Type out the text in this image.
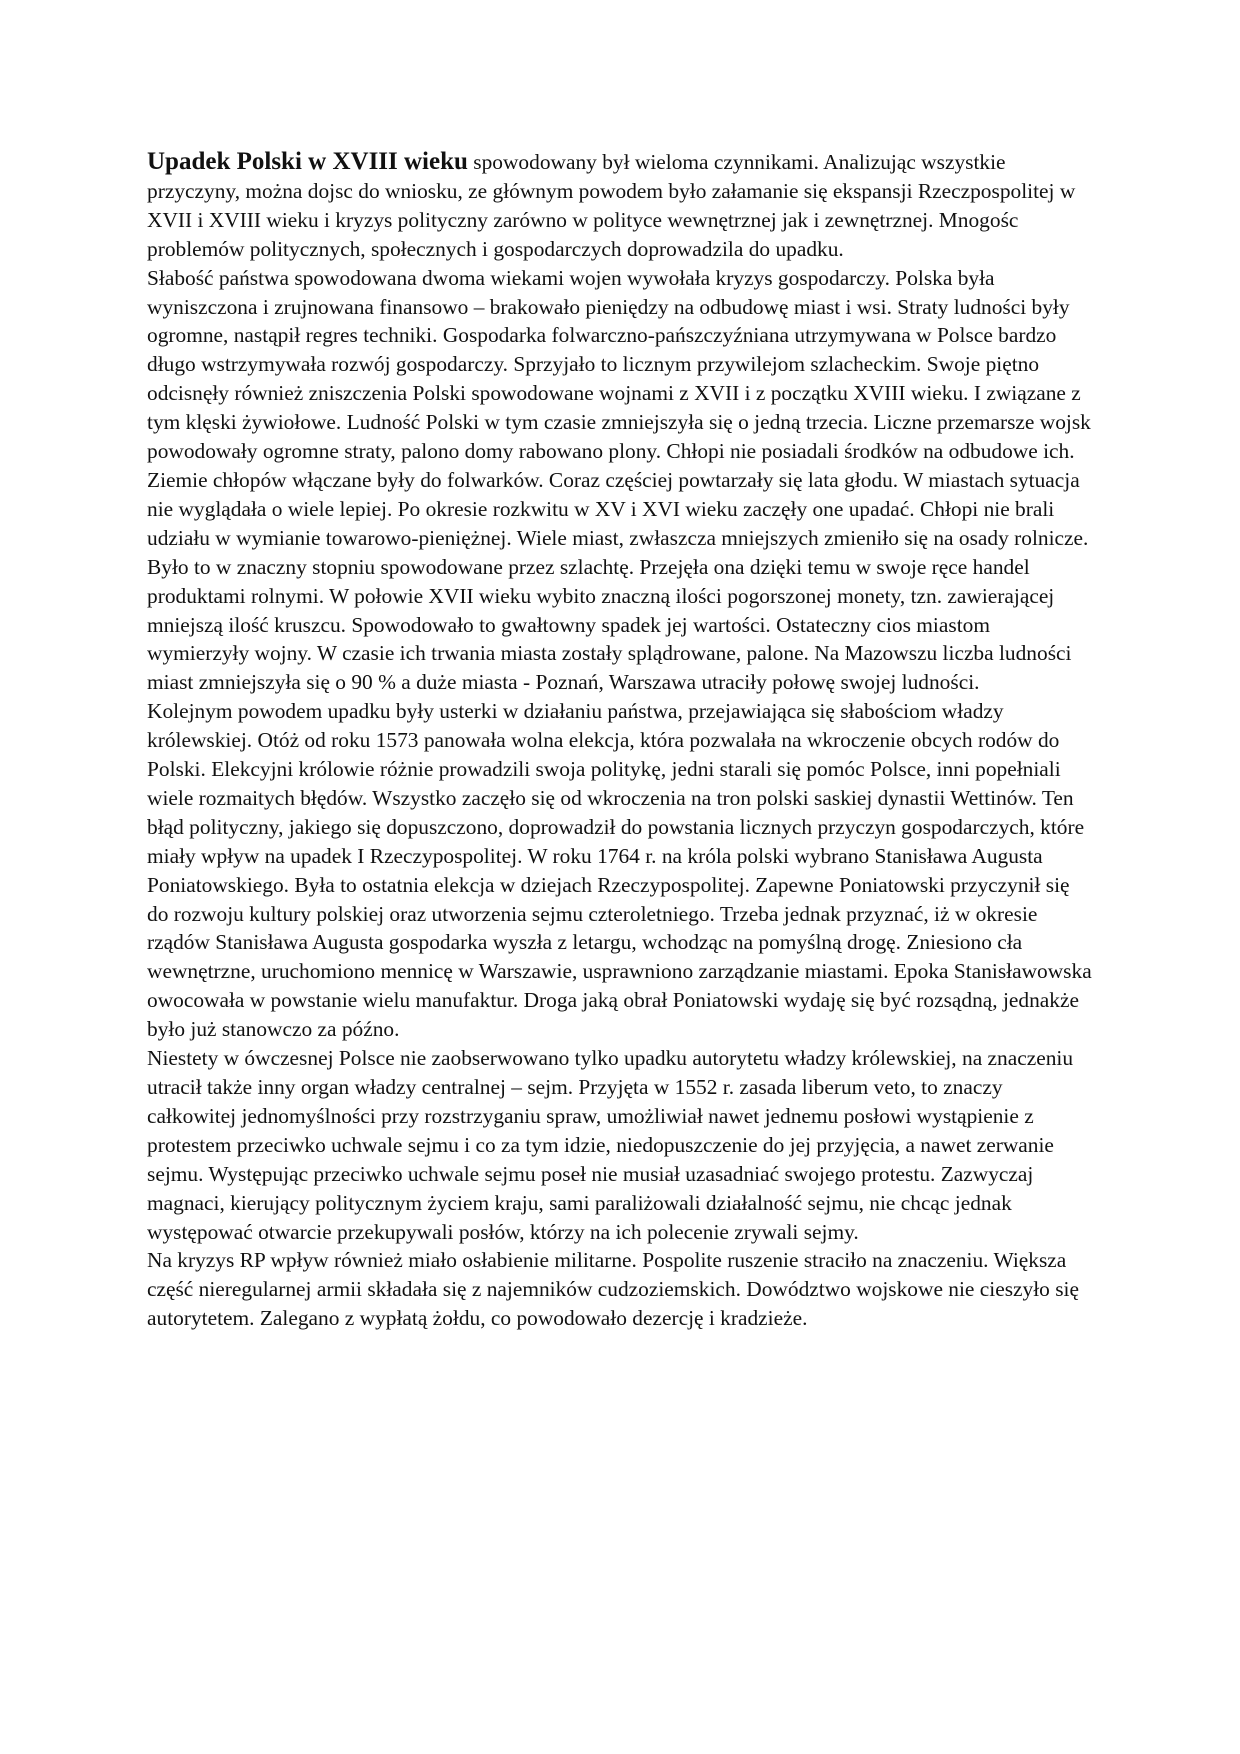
Upadek Polski w XVIII wieku spowodowany był wieloma czynnikami. Analizując wszystkie przyczyny, można dojsc do wniosku, ze głównym powodem było załamanie się ekspansji Rzeczpospolitej w XVII i XVIII wieku i kryzys polityczny zarówno w polityce wewnętrznej jak i zewnętrznej. Mnogośc problemów politycznych, społecznych i gospodarczych doprowadzila do upadku.

Słabość państwa spowodowana dwoma wiekami wojen wywołała kryzys gospodarczy. Polska była wyniszczona i zrujnowana finansowo – brakowało pieniędzy na odbudowę miast i wsi. Straty ludności były ogromne, nastąpił regres techniki. Gospodarka folwarczno-pańszczyźniana utrzymywana w Polsce bardzo długo wstrzymywała rozwój gospodarczy. Sprzyjało to licznym przywilejom szlacheckim. Swoje piętno odcisnęły również zniszczenia Polski spowodowane wojnami z XVII i z początku XVIII wieku. I związane z tym klęski żywiołowe. Ludność Polski w tym czasie zmniejszyła się o jedną trzecia. Liczne przemarsze wojsk powodowały ogromne straty, palono domy rabowano plony. Chłopi nie posiadali środków na odbudowe ich. Ziemie chłopów włączane były do folwarków. Coraz częściej powtarzały się lata głodu. W miastach sytuacja nie wyglądała o wiele lepiej. Po okresie rozkwitu w XV i XVI wieku zaczęły one upadać. Chłopi nie brali udziału w wymianie towarowo-pieniężnej. Wiele miast, zwłaszcza mniejszych zmieniło się na osady rolnicze. Było to w znaczny stopniu spowodowane przez szlachtę. Przejęła ona dzięki temu w swoje ręce handel produktami rolnymi. W połowie XVII wieku wybito znaczną ilości pogorszonej monety, tzn. zawierającej mniejszą ilość kruszcu. Spowodowało to gwałtowny spadek jej wartości. Ostateczny cios miastom wymierzyły wojny. W czasie ich trwania miasta zostały splądrowane, palone. Na Mazowszu liczba ludności miast zmniejszyła się o 90 % a duże miasta - Poznań, Warszawa utraciły połowę swojej ludności.

Kolejnym powodem upadku były usterki w działaniu państwa, przejawiająca się słabościom władzy królewskiej. Otóż od roku 1573 panowała wolna elekcja, która pozwalała na wkroczenie obcych rodów do Polski. Elekcyjni królowie różnie prowadzili swoja politykę, jedni starali się pomóc Polsce, inni popełniali wiele rozmaitych błędów. Wszystko zaczęło się od wkroczenia na tron polski saskiej dynastii Wettinów. Ten błąd polityczny, jakiego się dopuszczono, doprowadził do powstania licznych przyczyn gospodarczych, które miały wpływ na upadek I Rzeczypospolitej. W roku 1764 r. na króla polski wybrano Stanisława Augusta Poniatowskiego. Była to ostatnia elekcja w dziejach Rzeczypospolitej. Zapewne Poniatowski przyczynił się do rozwoju kultury polskiej oraz utworzenia sejmu czteroletniego. Trzeba jednak przyznać, iż w okresie rządów Stanisława Augusta gospodarka wyszła z letargu, wchodząc na pomyślną drogę. Zniesiono cła wewnętrzne, uruchomiono mennicę w Warszawie, usprawniono zarządzanie miastami. Epoka Stanisławowska owocowała w powstanie wielu manufaktur. Droga jaką obrał Poniatowski wydaję się być rozsądną, jednakże było już stanowczo za późno.

Niestety w ówczesnej Polsce nie zaobserwowano tylko upadku autorytetu władzy królewskiej, na znaczeniu utracił także inny organ władzy centralnej – sejm. Przyjęta w 1552 r. zasada liberum veto, to znaczy całkowitej jednomyślności przy rozstrzyganiu spraw, umożliwiał nawet jednemu posłowi wystąpienie z protestem przeciwko uchwale sejmu i co za tym idzie, niedopuszczenie do jej przyjęcia, a nawet zerwanie sejmu. Występując przeciwko uchwale sejmu poseł nie musiał uzasadniać swojego protestu. Zazwyczaj magnaci, kierujący politycznym życiem kraju, sami paraliżowali działalność sejmu, nie chcąc jednak występować otwarcie przekupywali posłów, którzy na ich polecenie zrywali sejmy.

Na kryzys RP wpływ również miało osłabienie militarne. Pospolite ruszenie straciło na znaczeniu. Większa część nieregularnej armii składała się z najemników cudzoziemskich. Dowództwo wojskowe nie cieszyło się autorytetem. Zalegano z wypłatą żołdu, co powodowało dezercję i kradzieże.
